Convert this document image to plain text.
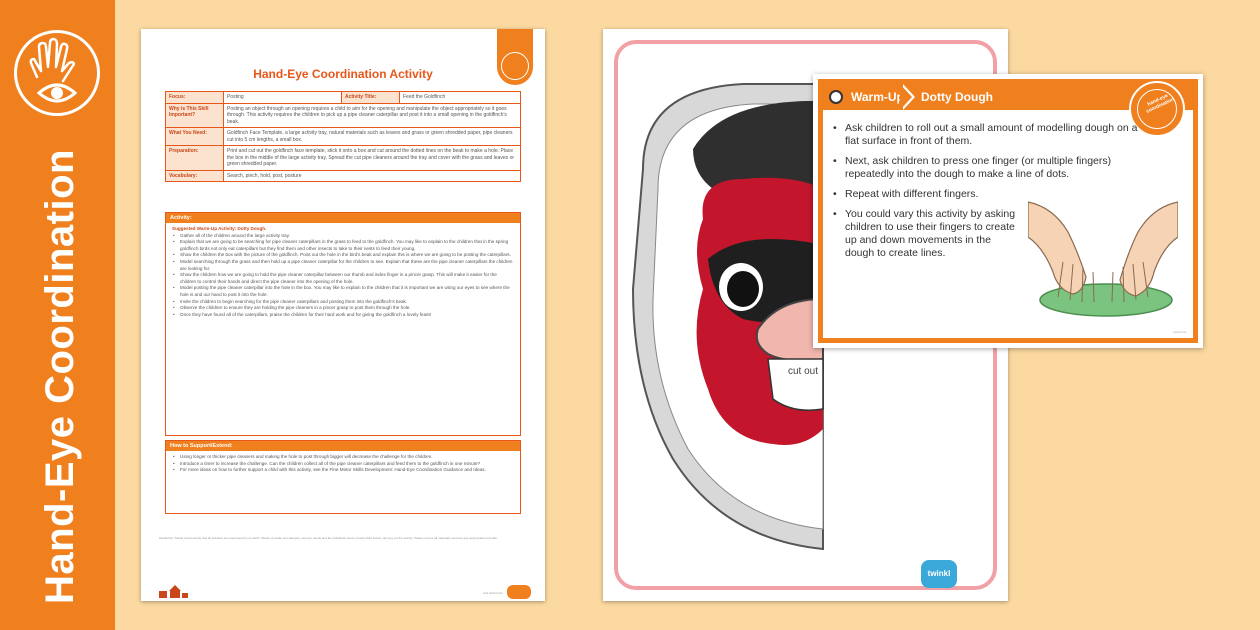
Hand-Eye Coordination
Hand-Eye Coordination Activity
Focus:	Posting	Activity Title:	Feed the Goldfinch
Why is This Skill Important?	Posting an object through an opening requires a child to aim for the opening and manipulate the object appropriately so it goes through. This activity requires the children to pick up a pipe cleaner caterpillar and post it into a small opening in the goldfinch's beak.		
What You Need:	Goldfinch Face Template, a large activity tray, natural materials such as leaves and grass or green shredded paper, pipe cleaners cut into 5 cm lengths, a small box.		
Preparation:	Print and cut out the goldfinch face template, stick it onto a box and cut around the dotted lines on the beak to make a hole. Place the box in the middle of the large activity tray. Spread the cut pipe cleaners around the tray and cover with the grass and leaves or green shredded paper.		
Vocabulary:	Search, pinch, hold, post, posture		
Activity:
Suggested Warm-Up Activity: Dotty Dough.
• Gather all of the children around the large activity tray.
• Explain that we are going to be searching for pipe cleaner caterpillars in the grass to feed to the goldfinch. You may like to explain to the children that in the spring goldfinch birds not only eat caterpillars but they find them and other insects to take to their nests to feed their young.
• Show the children the box with the picture of the goldfinch. Point out the hole in the bird's beak and explain this is where we are going to be posting the caterpillars.
• Model searching through the grass and then hold up a pipe cleaner caterpillar for the children to see. Explain that these are the pipe cleaner caterpillars the children are looking for.
• Show the children how we are going to hold the pipe cleaner caterpillar between our thumb and index finger in a pincer grasp. This will make it easier for the children to control their hands and direct the pipe cleaner into the opening of the hole.
• Model posting the pipe cleaner caterpillar into the hole in the box. You may like to explain to the children that it is important we are using our eyes to see where the hole is and our hand to post it into the hole.
• Invite the children to begin searching for the pipe cleaner caterpillars and posting them into the goldfinch's beak.
• Observe the children to ensure they are holding the pipe cleaners in a pincer grasp to post them through the hole.
• Once they have found all of the caterpillars, praise the children for their hard work and for giving the goldfinch a lovely feast!
How to Support/Extend:
• Using longer or thicker pipe cleaners and making the hole to post through bigger will decrease the challenge for the children.
• Introduce a timer to increase the challenge. Can the children collect all of the pipe cleaner caterpillars and feed them to the goldfinch in one minute?
• For more ideas on how to further support a child with this activity, see the Fine Motor Skills Development: Hand-Eye Coordination Guidance and Ideas.
Disclaimer: Twinkl recommends that all activities are supervised by an adult. Please consider any allergies, sensory needs and the individual needs of each child before carrying out the activity. Please ensure all materials used are age appropriate and safe.
visit twinkl.com
cut out
twinkl
Warm-Up Dotty Dough	hand-eye coordination
• Ask children to roll out a small amount of modelling dough on a flat surface in front of them.
• Next, ask children to press one finger (or multiple fingers) repeatedly into the dough to make a line of dots.
• Repeat with different fingers.
• You could vary this activity by asking children to use their fingers to create up and down movements in the dough to create lines.
twinkl.com
